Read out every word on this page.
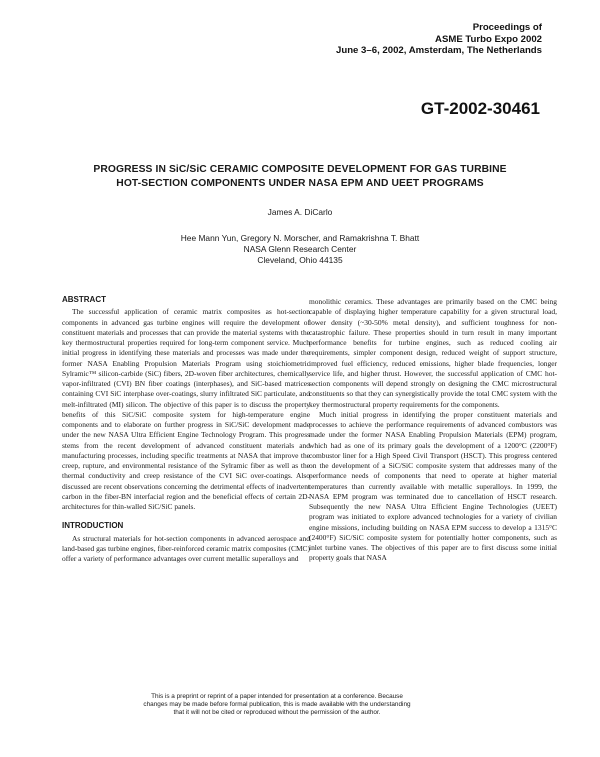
Proceedings of
ASME Turbo Expo 2002
June 3–6, 2002, Amsterdam, The Netherlands
GT-2002-30461
PROGRESS IN SiC/SiC CERAMIC COMPOSITE DEVELOPMENT FOR GAS TURBINE
HOT-SECTION COMPONENTS UNDER NASA EPM AND UEET PROGRAMS
James A. DiCarlo
Hee Mann Yun, Gregory N. Morscher, and Ramakrishna T. Bhatt
NASA Glenn Research Center
Cleveland, Ohio 44135
ABSTRACT

The successful application of ceramic matrix composites as hot-section components in advanced gas turbine engines will require the development of constituent materials and processes that can provide the material systems with the key thermostructural properties required for long-term component service. Much initial progress in identifying these materials and processes was made under the former NASA Enabling Propulsion Materials Program using stoichiometric Sylramic™ silicon-carbide (SiC) fibers, 2D-woven fiber architectures, chemically vapor-infiltrated (CVI) BN fiber coatings (interphases), and SiC-based matrices containing CVI SiC interphase over-coatings, slurry infiltrated SiC particulate, and melt-infiltrated (MI) silicon. The objective of this paper is to discuss the property benefits of this SiC/SiC composite system for high-temperature engine components and to elaborate on further progress in SiC/SiC development made under the new NASA Ultra Efficient Engine Technology Program. This progress stems from the recent development of advanced constituent materials and manufacturing processes, including specific treatments at NASA that improve the creep, rupture, and environmental resistance of the Sylramic fiber as well as the thermal conductivity and creep resistance of the CVI SiC over-coatings. Also discussed are recent observations concerning the detrimental effects of inadvertent carbon in the fiber-BN interfacial region and the beneficial effects of certain 2D-architectures for thin-walled SiC/SiC panels.

INTRODUCTION

As structural materials for hot-section components in advanced aerospace and land-based gas turbine engines, fiber-reinforced ceramic matrix composites (CMC) offer a variety of performance advantages over current metallic superalloys and

monolithic ceramics. These advantages are primarily based on the CMC being capable of displaying higher temperature capability for a given structural load, lower density (~30-50% metal density), and sufficient toughness for non-catastrophic failure. These properties should in turn result in many important performance benefits for turbine engines, such as reduced cooling air requirements, simpler component design, reduced weight of support structure, improved fuel efficiency, reduced emissions, higher blade frequencies, longer service life, and higher thrust. However, the successful application of CMC hot-section components will depend strongly on designing the CMC microstructural constituents so that they can synergistically provide the total CMC system with the key thermostructural property requirements for the components.

Much initial progress in identifying the proper constituent materials and processes to achieve the performance requirements of advanced combustors was made under the former NASA Enabling Propulsion Materials (EPM) program, which had as one of its primary goals the development of a 1200°C (2200°F) combustor liner for a High Speed Civil Transport (HSCT). This progress centered on the development of a SiC/SiC composite system that addresses many of the performance needs of components that need to operate at higher material temperatures than currently available with metallic superalloys. In 1999, the NASA EPM program was terminated due to cancellation of HSCT research. Subsequently the new NASA Ultra Efficient Engine Technologies (UEET) program was initiated to explore advanced technologies for a variety of civilian engine missions, including building on NASA EPM success to develop a 1315°C (2400°F) SiC/SiC composite system for potentially hotter components, such as inlet turbine vanes. The objectives of this paper are to first discuss some initial property goals that NASA

This is a preprint or reprint of a paper intended for presentation at a conference. Because changes may be made before formal publication, this is made available with the understanding that it will not be cited or reproduced without the permission of the author.
